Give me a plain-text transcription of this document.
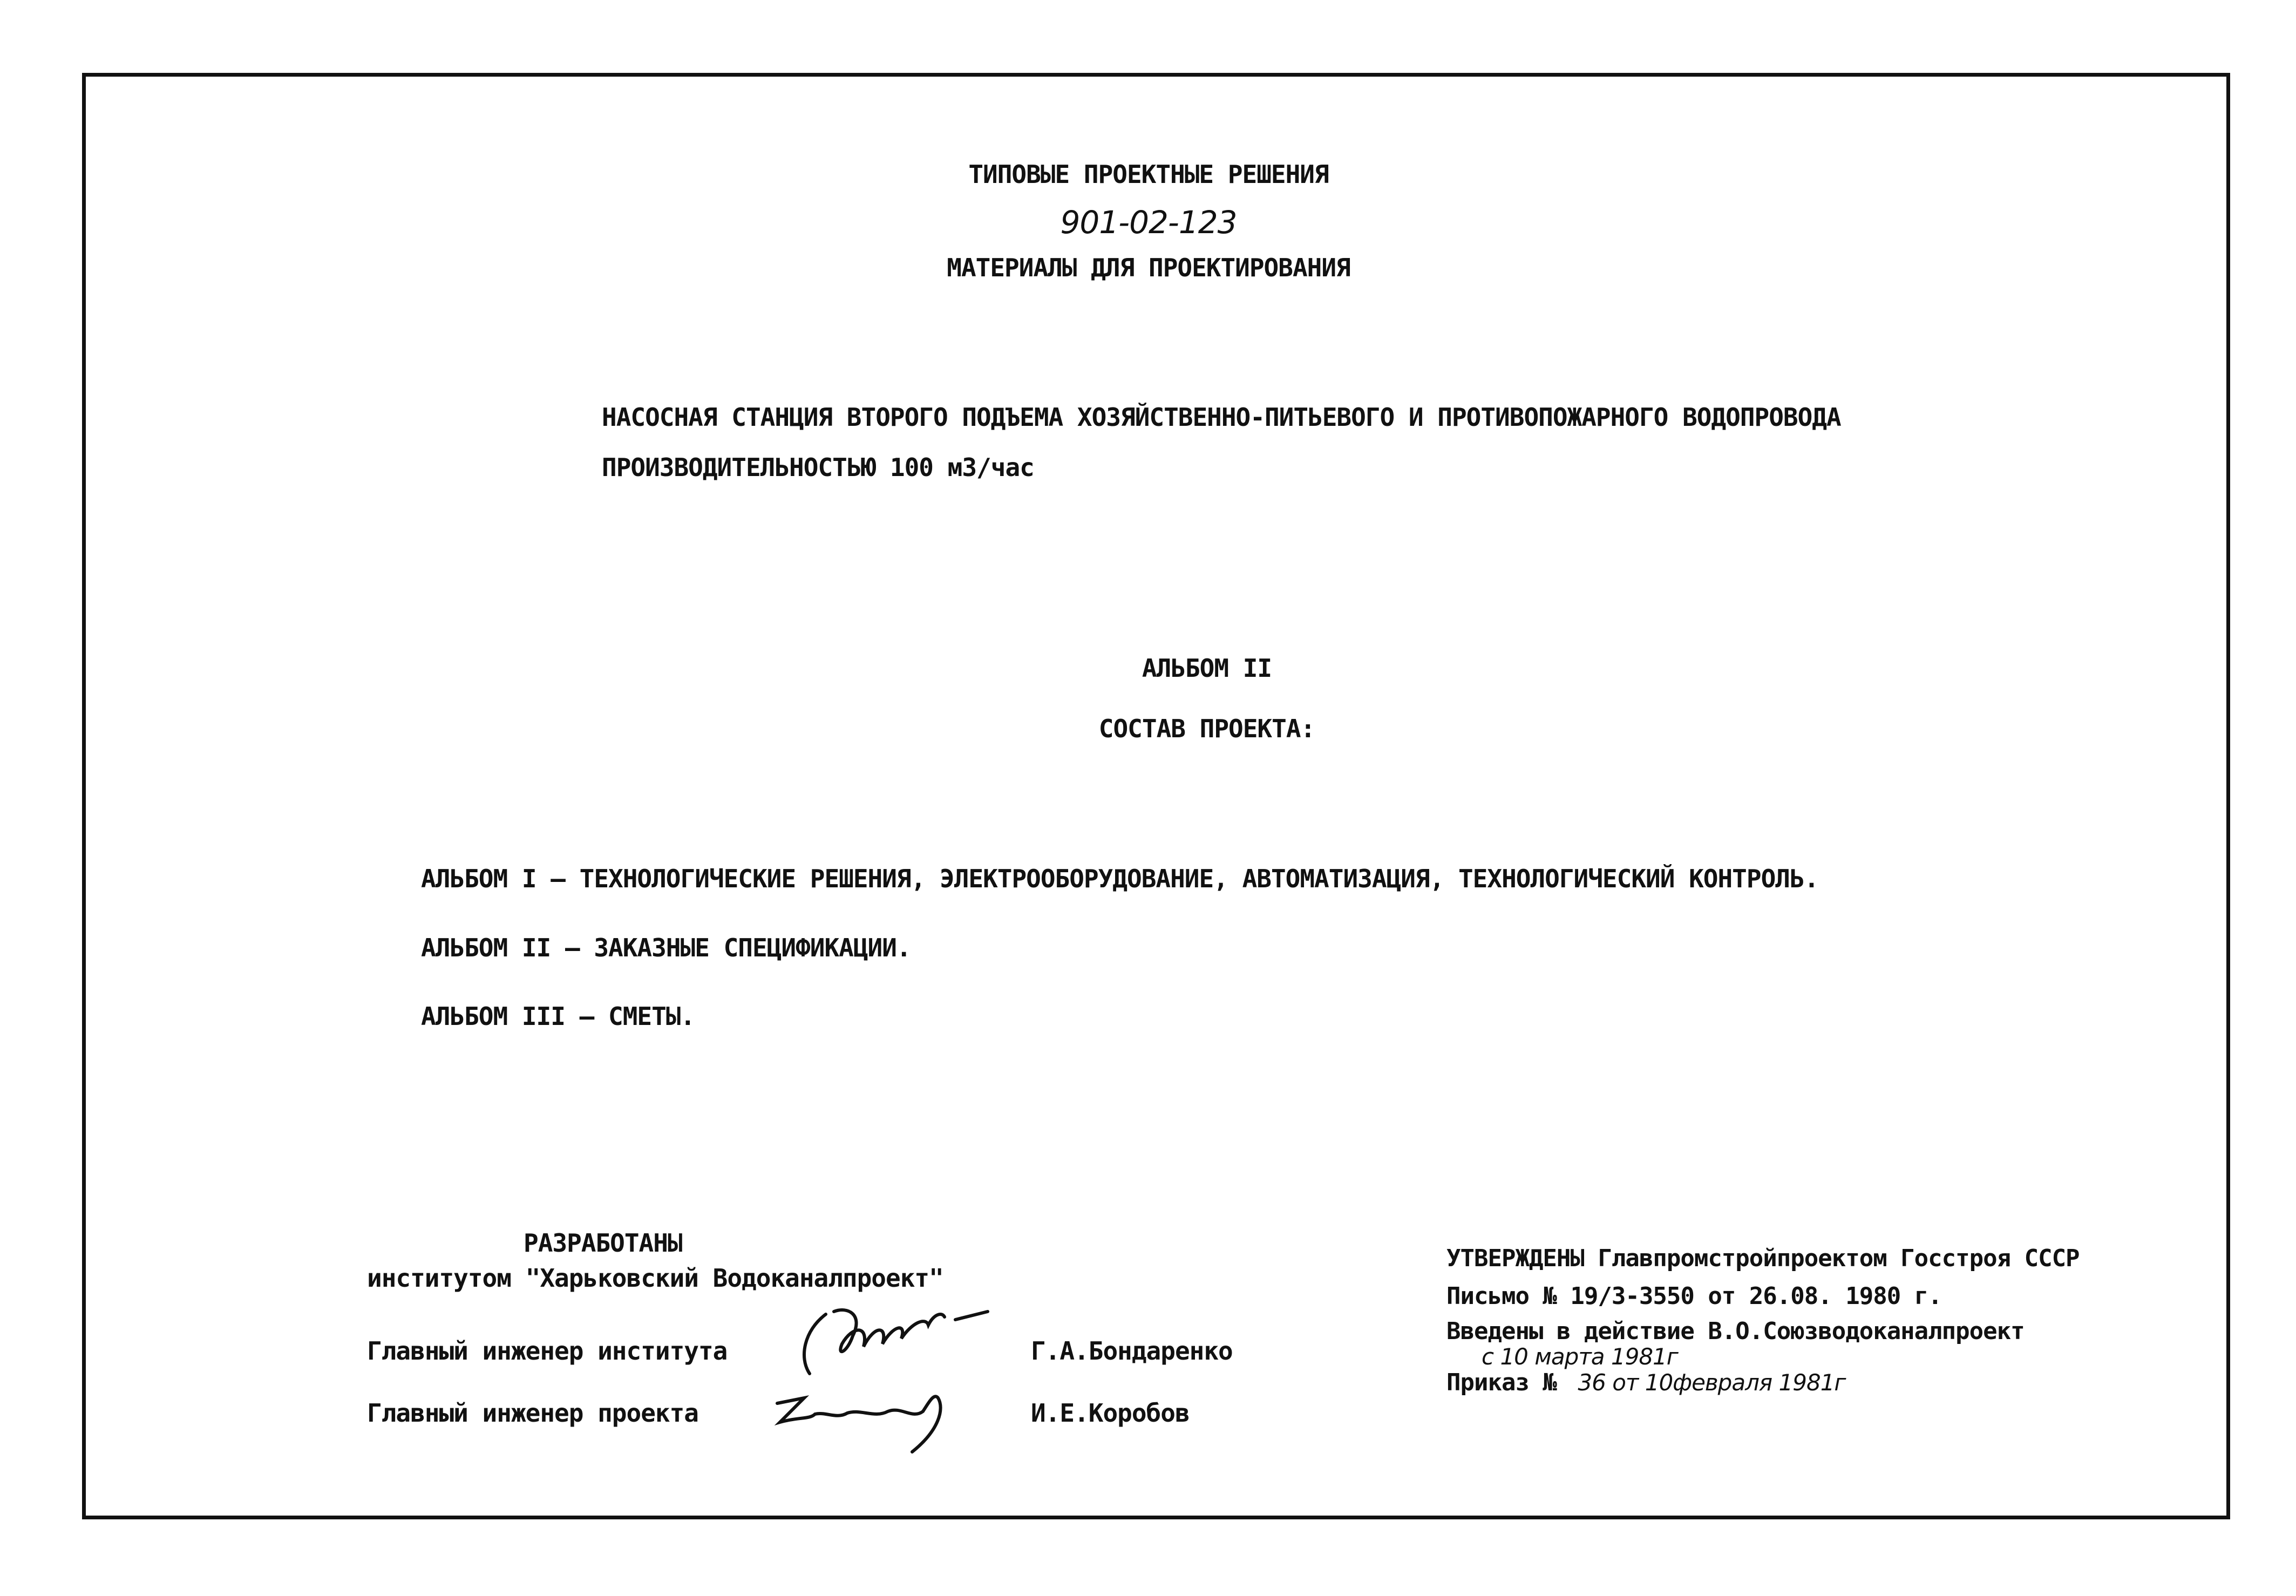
ТИПОВЫЕ ПРОЕКТНЫЕ РЕШЕНИЯ
901-02-123
МАТЕРИАЛЫ ДЛЯ ПРОЕКТИРОВАНИЯ
НАСОСНАЯ СТАНЦИЯ ВТОРОГО ПОДЪЕМА ХОЗЯЙСТВЕННО-ПИТЬЕВОГО И ПРОТИВОПОЖАРНОГО ВОДОПРОВОДА
ПРОИЗВОДИТЕЛЬНОСТЬЮ 100 м3/час
АЛЬБОМ II
СОСТАВ ПРОЕКТА:
АЛЬБОМ I – ТЕХНОЛОГИЧЕСКИЕ РЕШЕНИЯ, ЭЛЕКТРООБОРУДОВАНИЕ, АВТОМАТИЗАЦИЯ, ТЕХНОЛОГИЧЕСКИЙ КОНТРОЛЬ.
АЛЬБОМ II – ЗАКАЗНЫЕ СПЕЦИФИКАЦИИ.
АЛЬБОМ III – СМЕТЫ.
РАЗРАБОТАНЫ
институтом "Харьковский Водоканалпроект"
Главный инженер института	Г.А.Бондаренко
Главный инженер проекта	И.Е.Коробов
УТВЕРЖДЕНЫ Главпромстройпроектом Госстроя СССР
Письмо № 19/3-3550 от 26.08. 1980 г.
Введены в действие В.О.Союзводоканалпроект
с 10 марта 1981г
Приказ № 36 от 10февраля 1981г
